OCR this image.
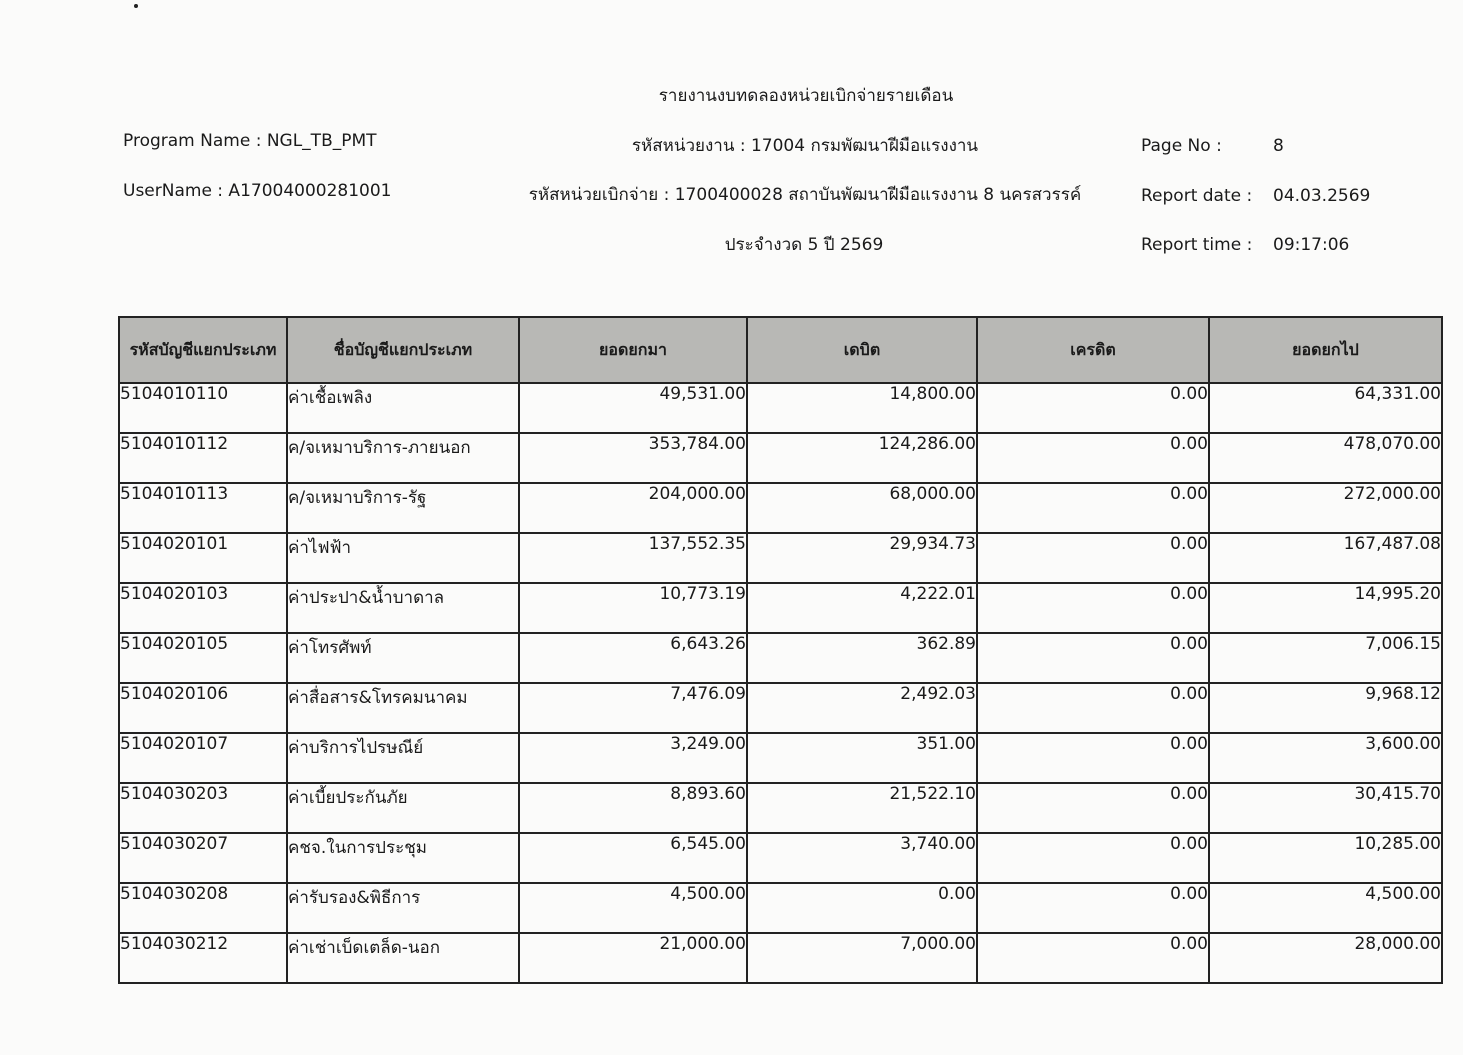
รายงานงบทดลองหน่วยเบิกจ่ายรายเดือน
รหัสหน่วยงาน : 17004 กรมพัฒนาฝีมือแรงงาน
รหัสหน่วยเบิกจ่าย : 1700400028 สถาบันพัฒนาฝีมือแรงงาน 8 นครสวรรค์
ประจำงวด 5 ปี 2569
Program Name : NGL_TB_PMT
UserName : A17004000281001
Page No :	8
Report date : 04.03.2569
Report time : 09:17:06
รหัสบัญชีแยกประเภท	ชื่อบัญชีแยกประเภท	ยอดยกมา	เดบิต	เครดิต	ยอดยกไป
5104010110	ค่าเชื้อเพลิง	49,531.00	14,800.00	0.00	64,331.00
5104010112	ค/จเหมาบริการ-ภายนอก	353,784.00	124,286.00	0.00	478,070.00
5104010113	ค/จเหมาบริการ-รัฐ	204,000.00	68,000.00	0.00	272,000.00
5104020101	ค่าไฟฟ้า	137,552.35	29,934.73	0.00	167,487.08
5104020103	ค่าประปา&น้ำบาดาล	10,773.19	4,222.01	0.00	14,995.20
5104020105	ค่าโทรศัพท์	6,643.26	362.89	0.00	7,006.15
5104020106	ค่าสื่อสาร&โทรคมนาคม	7,476.09	2,492.03	0.00	9,968.12
5104020107	ค่าบริการไปรษณีย์	3,249.00	351.00	0.00	3,600.00
5104030203	ค่าเบี้ยประกันภัย	8,893.60	21,522.10	0.00	30,415.70
5104030207	คชจ.ในการประชุม	6,545.00	3,740.00	0.00	10,285.00
5104030208	ค่ารับรอง&พิธีการ	4,500.00	0.00	0.00	4,500.00
5104030212	ค่าเช่าเบ็ดเตล็ด-นอก	21,000.00	7,000.00	0.00	28,000.00
